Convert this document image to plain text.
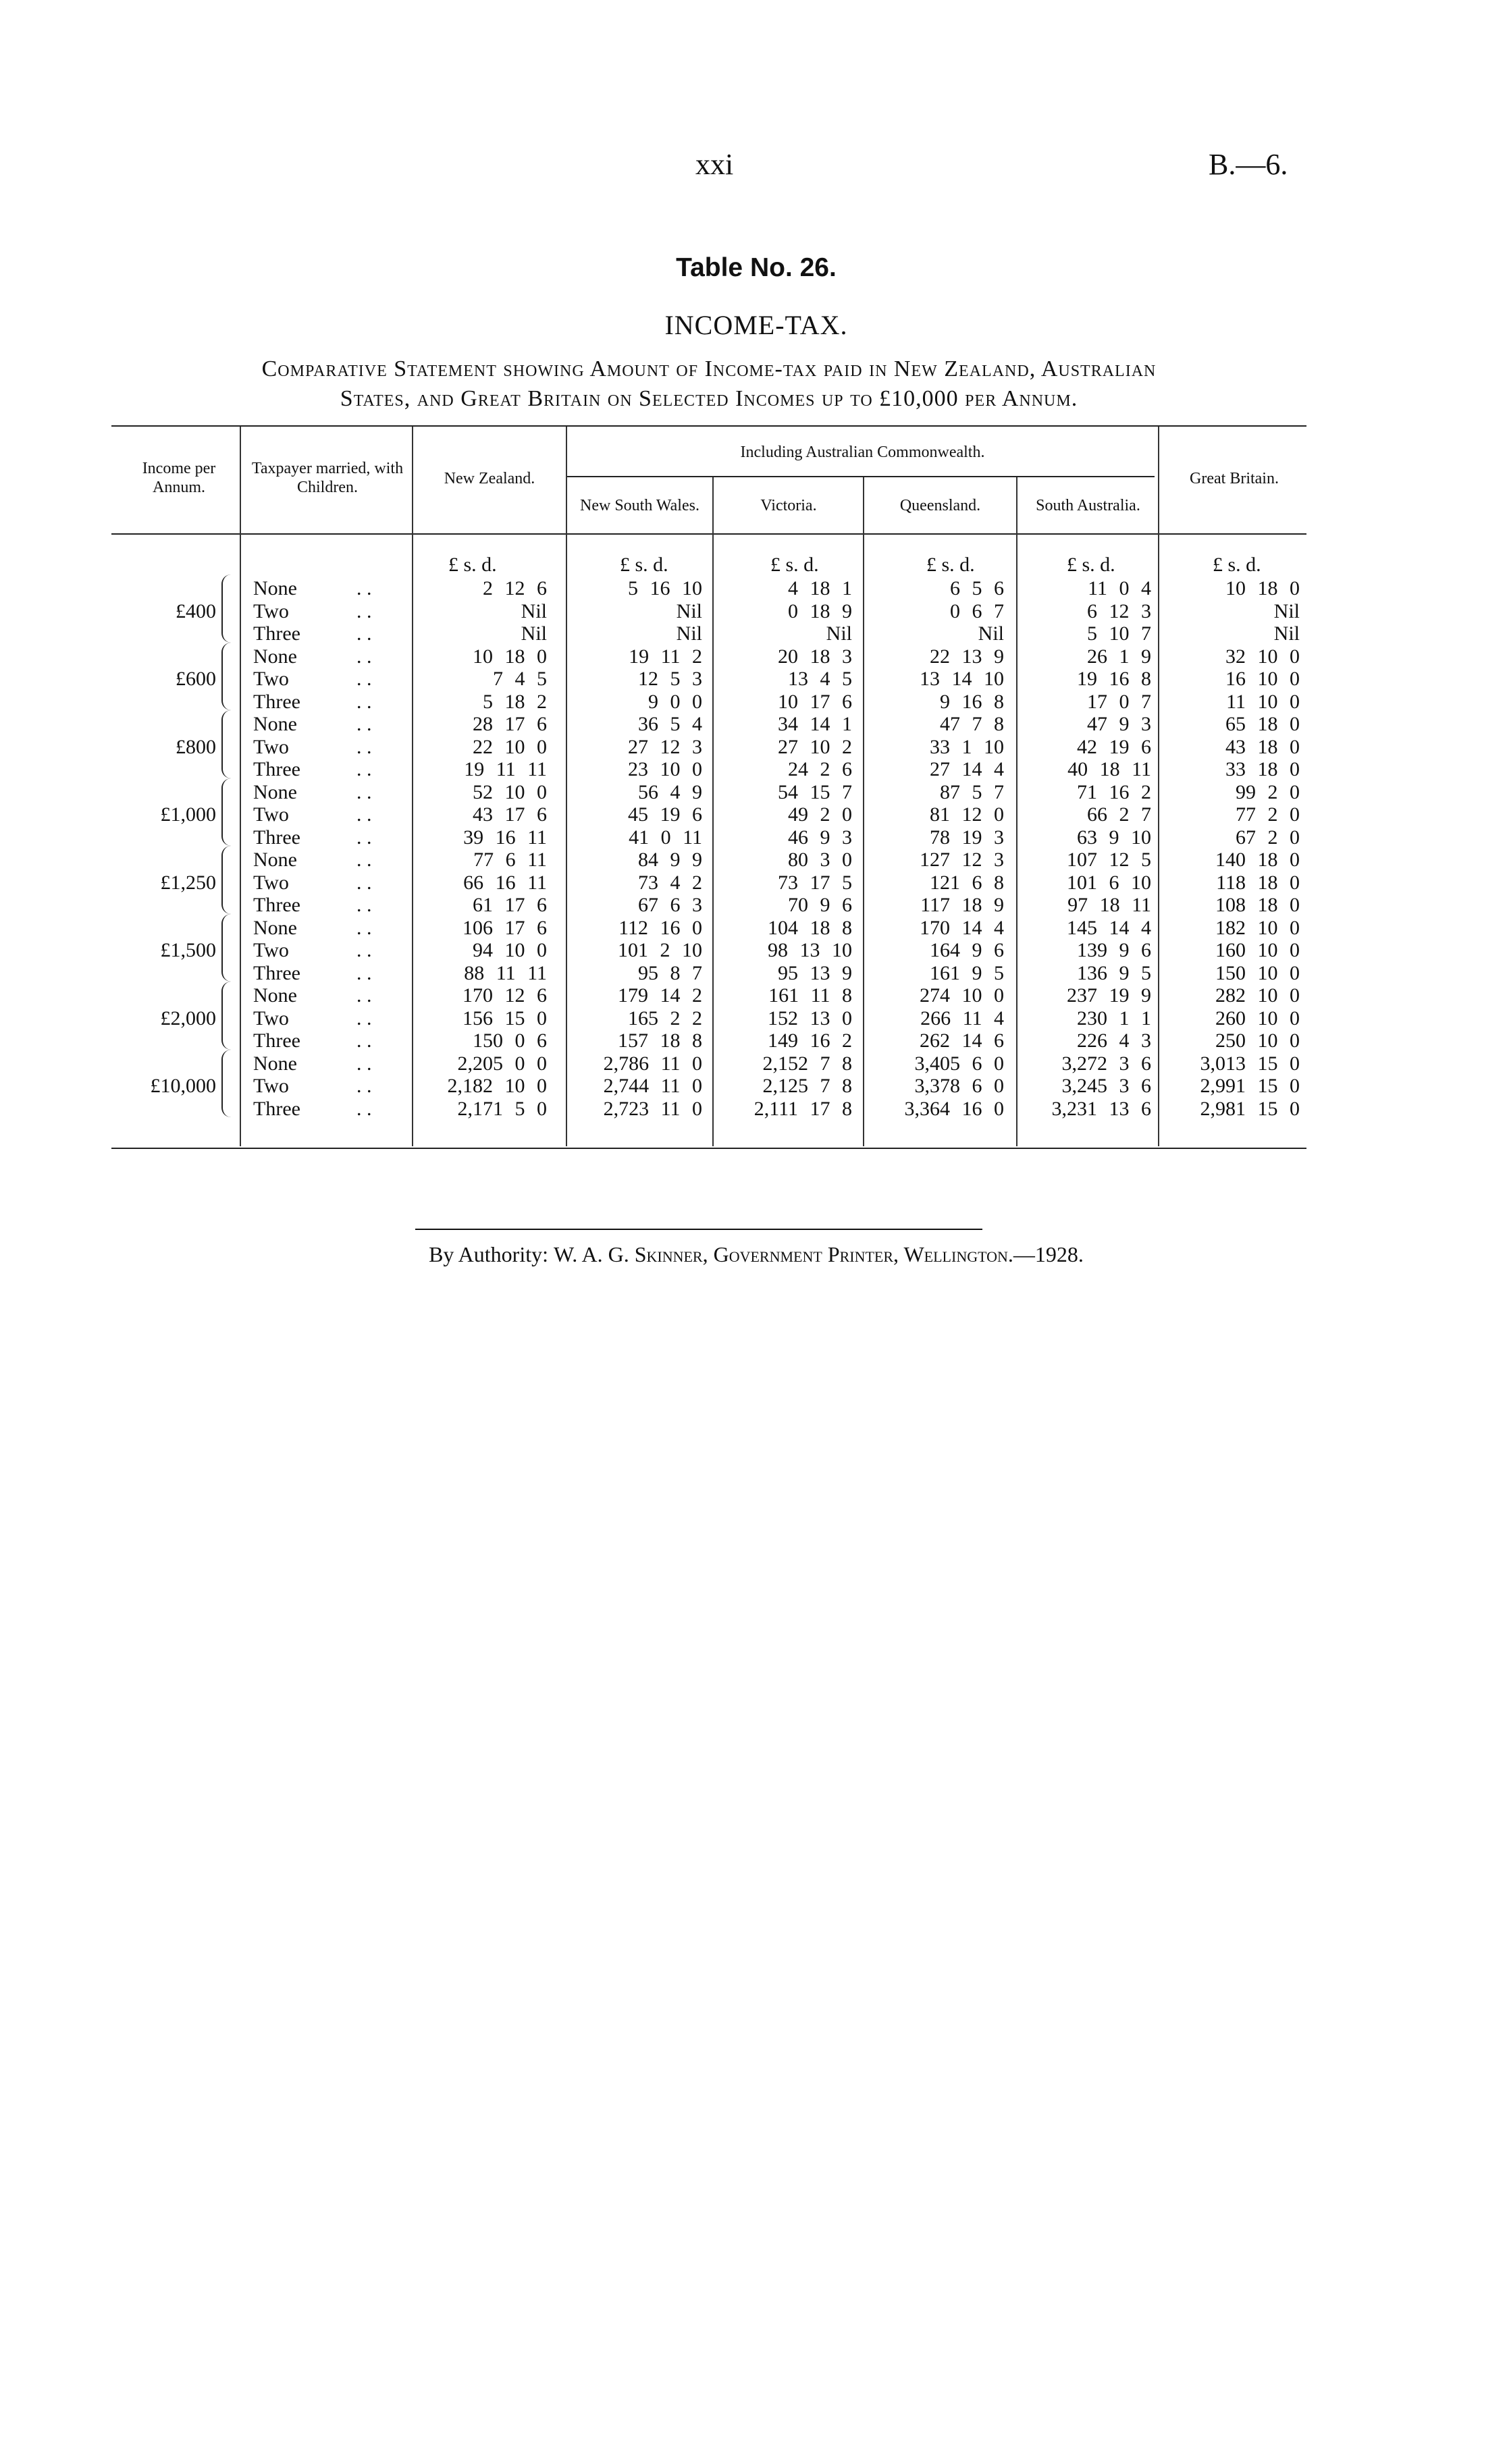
xxi	B.—6.
Table No. 26.
INCOME-TAX.
Comparative Statement showing Amount of Income-tax paid in New Zealand, Australian
States, and Great Britain on Selected Incomes up to £10,000 per Annum.
Income per Annum.
Taxpayer married, with Children.	New Zealand.
Including Australian Commonwealth.
New South Wales.	Victoria.	Queensland.	South Australia.
Great Britain.
£ s. d.	£ s. d.	£ s. d.	£ s. d.	£ s. d.	£ s. d.
£400
None	. .	2 12 6	5 16 10	4 18 1	6 5 6	11 0 4	10 18 0
Two	. .	Nil	Nil	0 18 9	0 6 7	6 12 3	Nil
Three	. .	Nil	Nil	Nil	Nil	5 10 7	Nil
£600
None	. .	10 18 0	19 11 2	20 18 3	22 13 9	26 1 9	32 10 0
Two	. .	7 4 5	12 5 3	13 4 5	13 14 10	19 16 8	16 10 0
Three	. .	5 18 2	9 0 0	10 17 6	9 16 8	17 0 7	11 10 0
£800
None	. .	28 17 6	36 5 4	34 14 1	47 7 8	47 9 3	65 18 0
Two	. .	22 10 0	27 12 3	27 10 2	33 1 10	42 19 6	43 18 0
Three	. .	19 11 11	23 10 0	24 2 6	27 14 4	40 18 11	33 18 0
£1,000
None	. .	52 10 0	56 4 9	54 15 7	87 5 7	71 16 2	99 2 0
Two	. .	43 17 6	45 19 6	49 2 0	81 12 0	66 2 7	77 2 0
Three	. .	39 16 11	41 0 11	46 9 3	78 19 3	63 9 10	67 2 0
£1,250
None	. .	77 6 11	84 9 9	80 3 0	127 12 3	107 12 5	140 18 0
Two	. .	66 16 11	73 4 2	73 17 5	121 6 8	101 6 10	118 18 0
Three	. .	61 17 6	67 6 3	70 9 6	117 18 9	97 18 11	108 18 0
£1,500
None	. .	106 17 6	112 16 0	104 18 8	170 14 4	145 14 4	182 10 0
Two	. .	94 10 0	101 2 10	98 13 10	164 9 6	139 9 6	160 10 0
Three	. .	88 11 11	95 8 7	95 13 9	161 9 5	136 9 5	150 10 0
£2,000
None	. .	170 12 6	179 14 2	161 11 8	274 10 0	237 19 9	282 10 0
Two	. .	156 15 0	165 2 2	152 13 0	266 11 4	230 1 1	260 10 0
Three	. .	150 0 6	157 18 8	149 16 2	262 14 6	226 4 3	250 10 0
£10,000
None	. .	2,205 0 0	2,786 11 0	2,152 7 8	3,405 6 0	3,272 3 6	3,013 15 0
Two	. .	2,182 10 0	2,744 11 0	2,125 7 8	3,378 6 0	3,245 3 6	2,991 15 0
Three	. .	2,171 5 0	2,723 11 0	2,111 17 8	3,364 16 0	3,231 13 6	2,981 15 0
By Authority: W. A. G. Skinner, Government Printer, Wellington.—1928.
